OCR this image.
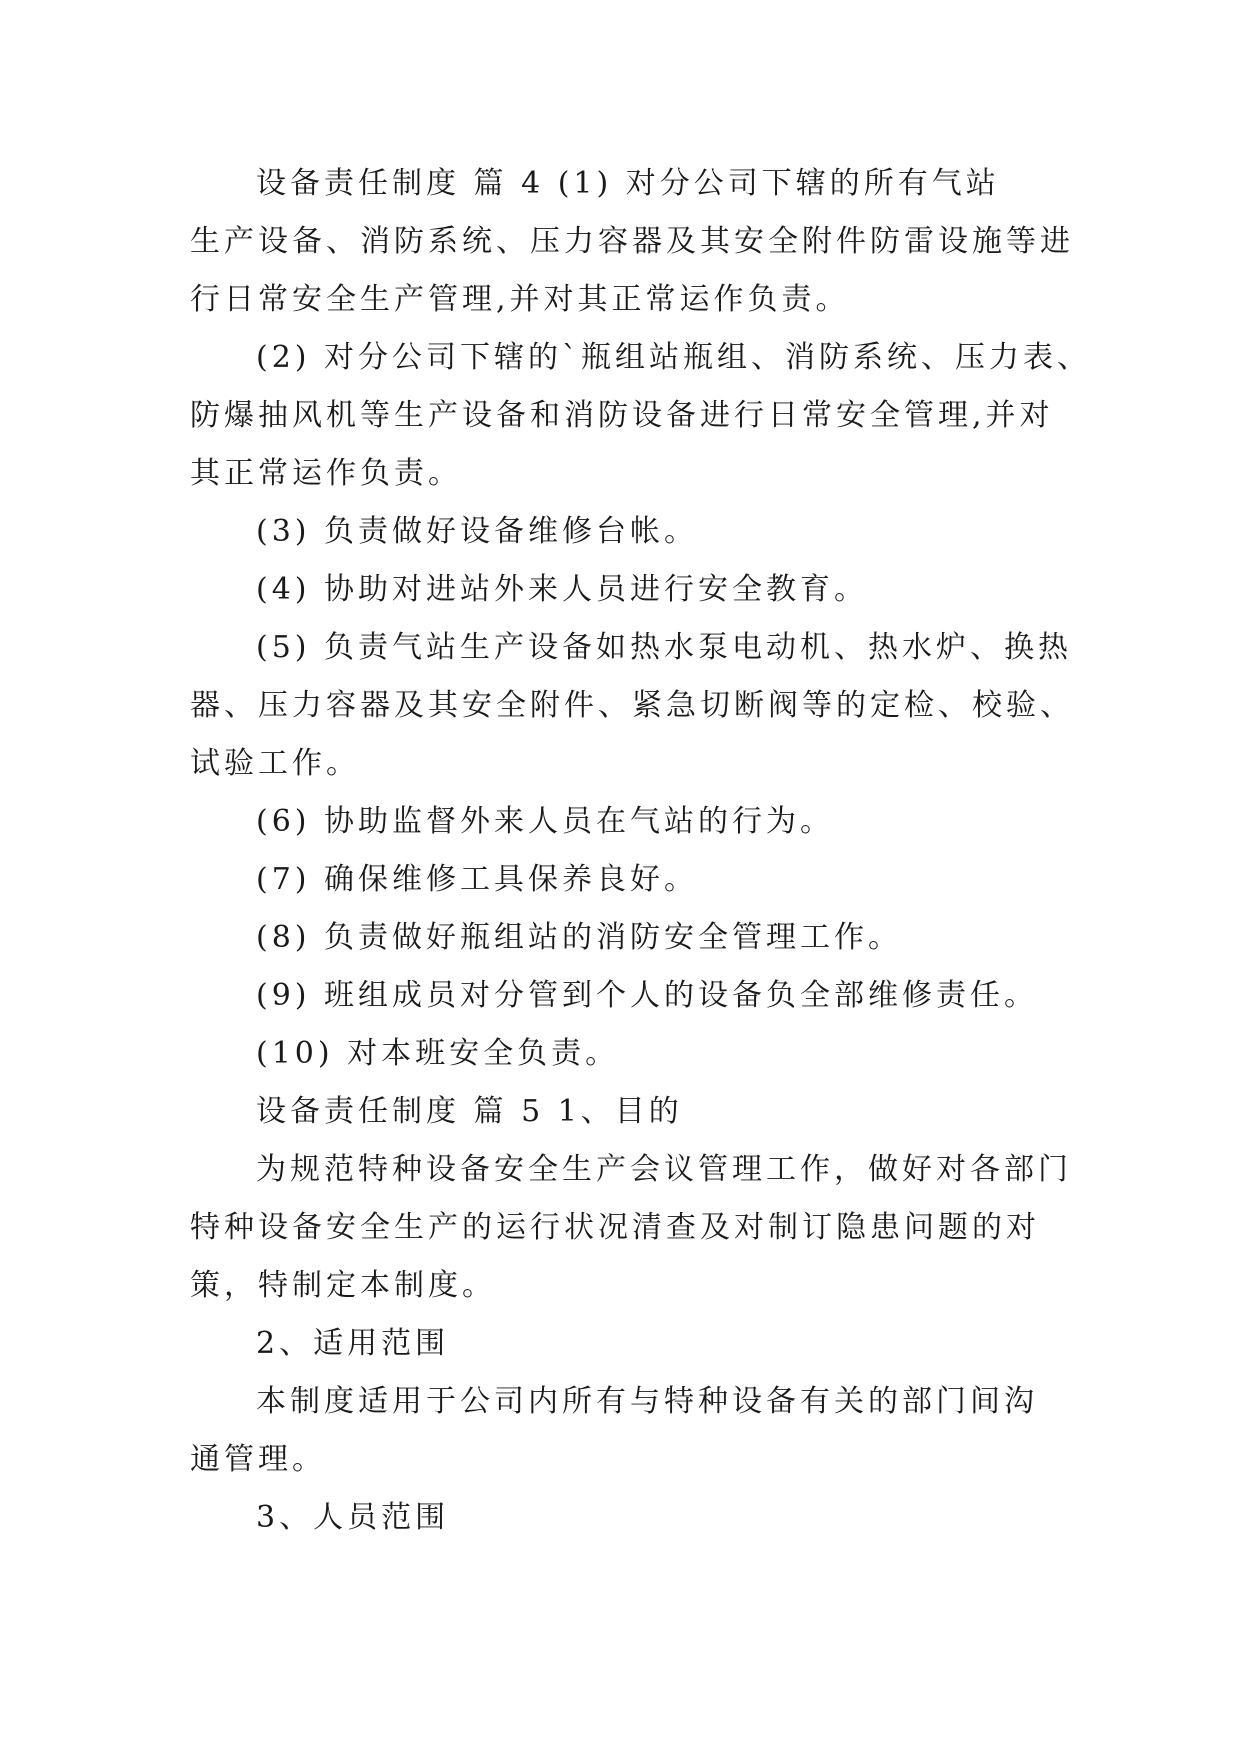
设备责任制度 篇 4 (1) 对分公司下辖的所有气站

生产设备、消防系统、压力容器及其安全附件防雷设施等进

行日常安全生产管理,并对其正常运作负责。

(2) 对分公司下辖的`瓶组站瓶组、消防系统、压力表、

防爆抽风机等生产设备和消防设备进行日常安全管理,并对

其正常运作负责。

(3) 负责做好设备维修台帐。

(4) 协助对进站外来人员进行安全教育。

(5) 负责气站生产设备如热水泵电动机、热水炉、换热

器、压力容器及其安全附件、紧急切断阀等的定检、校验、

试验工作。

(6) 协助监督外来人员在气站的行为。

(7) 确保维修工具保养良好。

(8) 负责做好瓶组站的消防安全管理工作。

(9) 班组成员对分管到个人的设备负全部维修责任。

(10) 对本班安全负责。

设备责任制度 篇 5 1、目的

为规范特种设备安全生产会议管理工作，做好对各部门

特种设备安全生产的运行状况清查及对制订隐患问题的对

策，特制定本制度。

2、适用范围

本制度适用于公司内所有与特种设备有关的部门间沟

通管理。

3、人员范围
